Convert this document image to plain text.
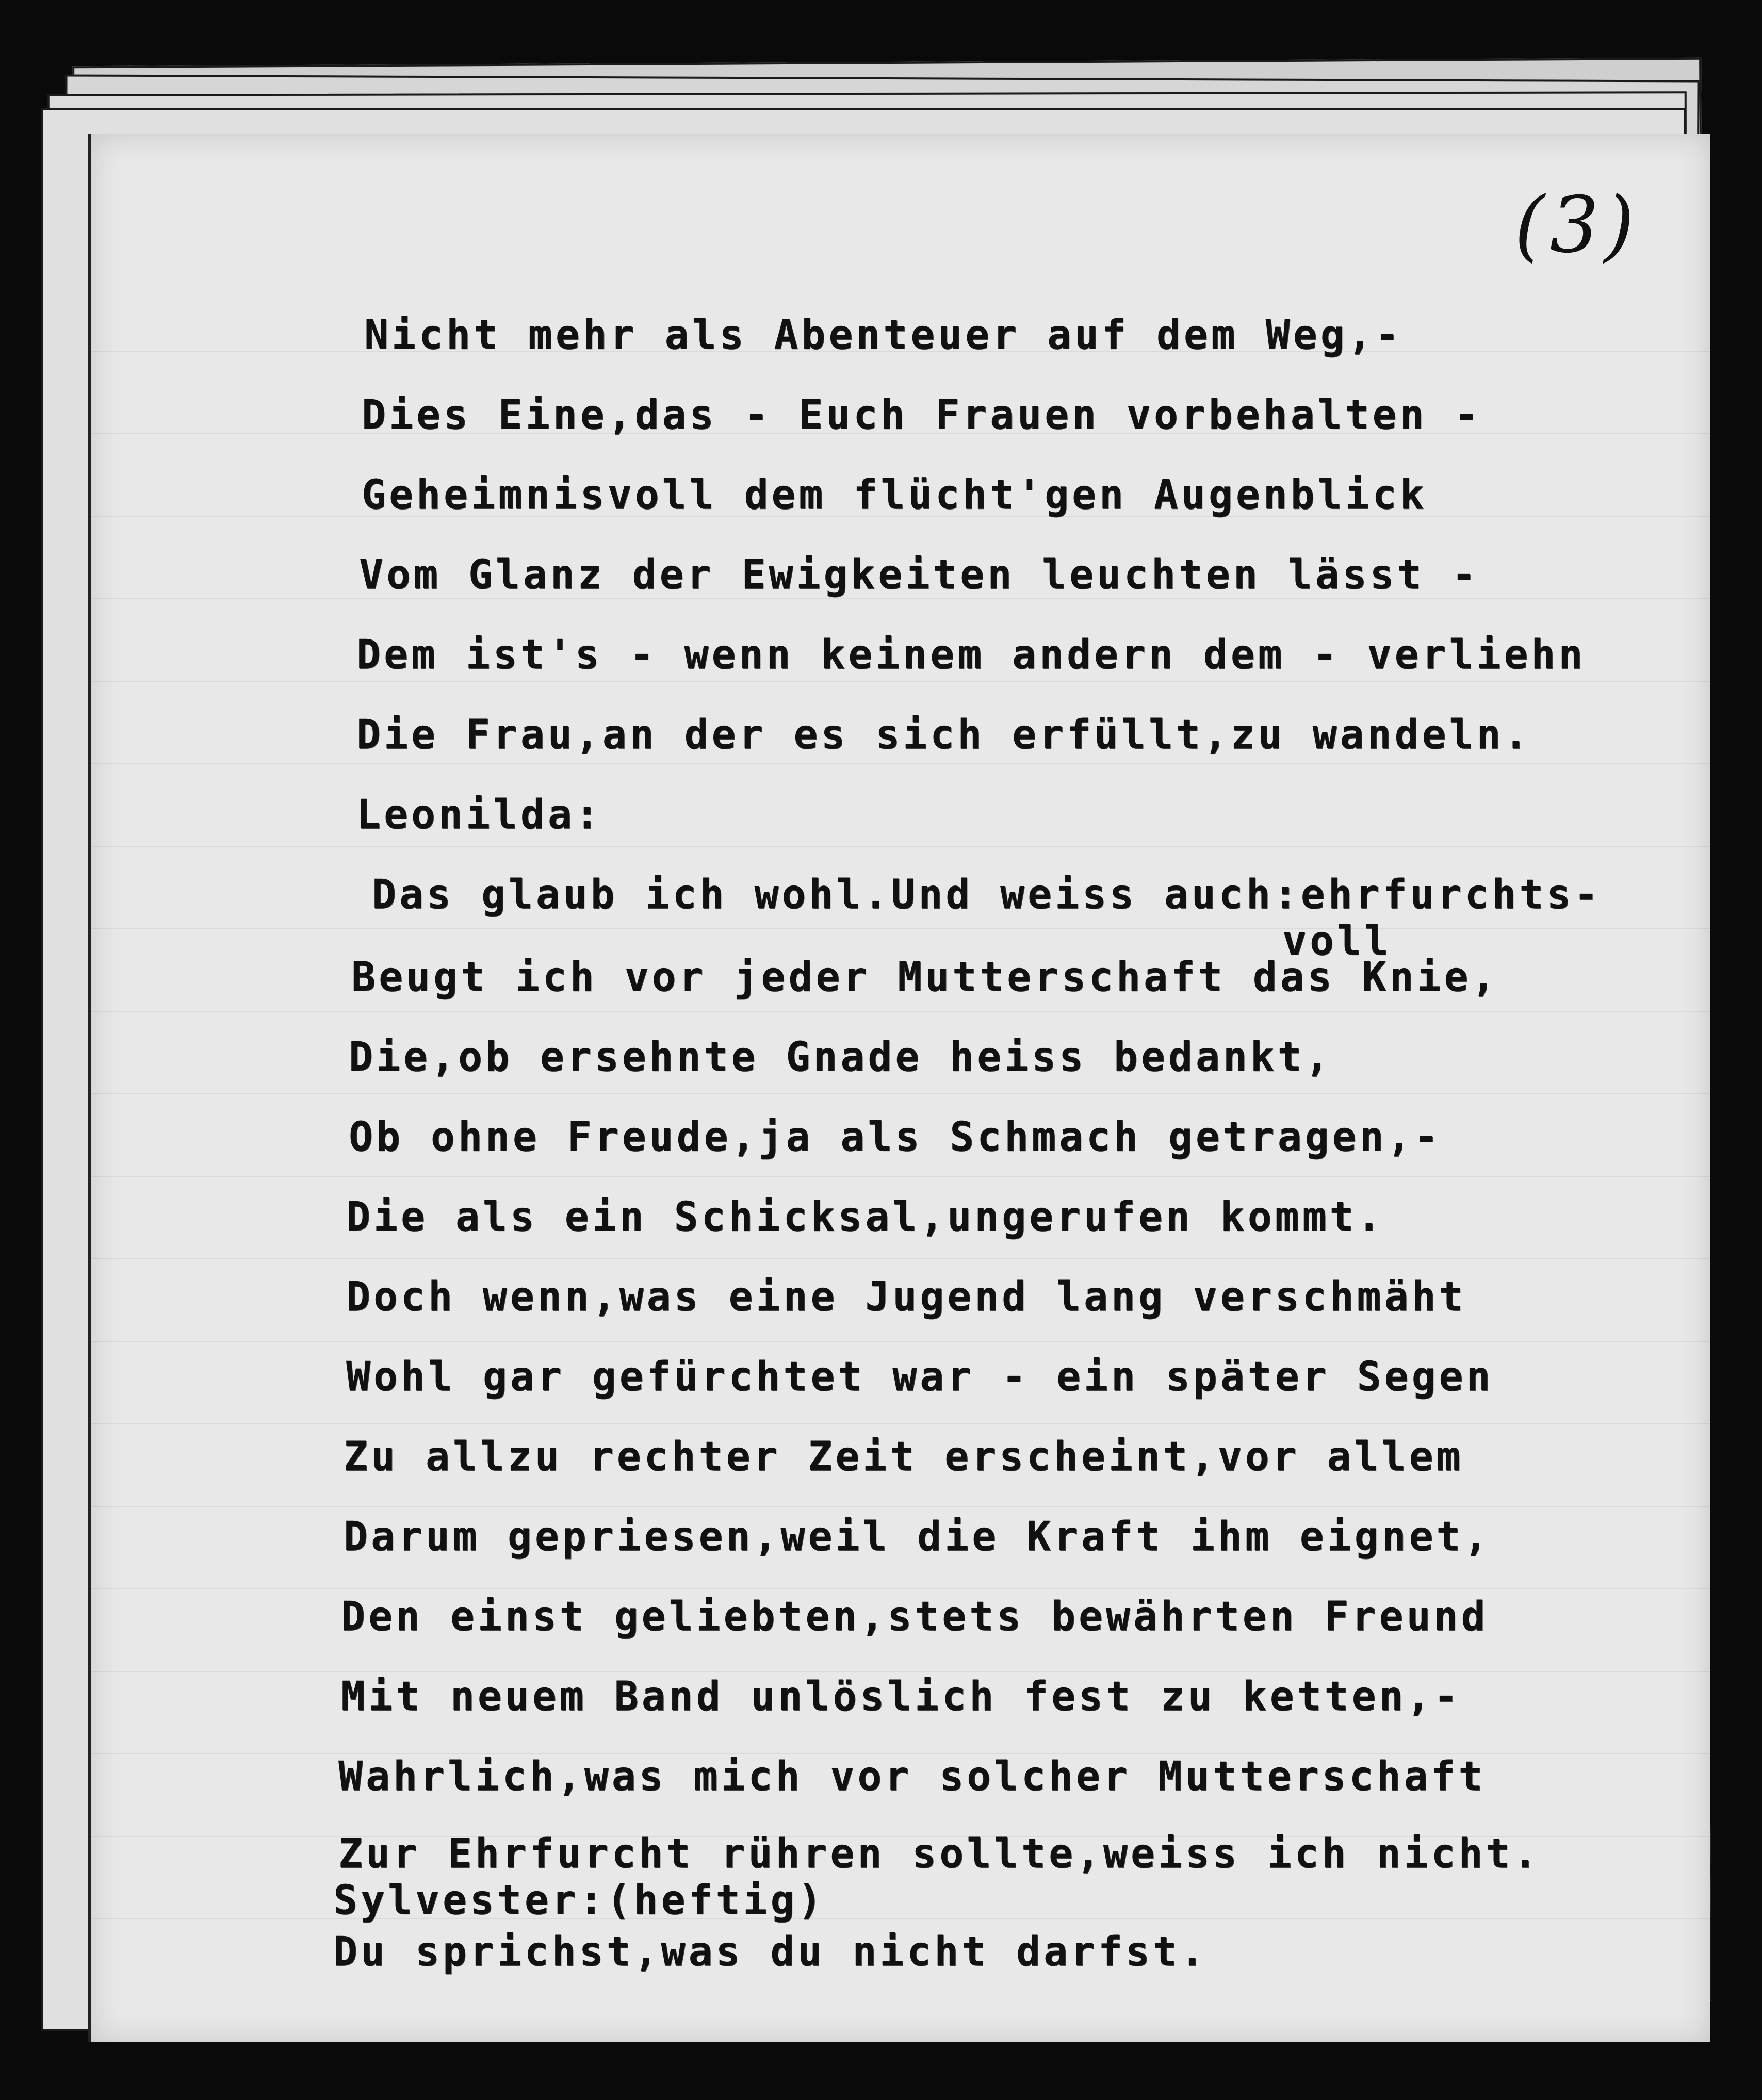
(3)
Nicht mehr als Abenteuer auf dem Weg,-
Dies Eine,das - Euch Frauen vorbehalten -
Geheimnisvoll dem flücht'gen Augenblick
Vom Glanz der Ewigkeiten leuchten lässt -
Dem ist's - wenn keinem andern dem - verliehn
Die Frau,an der es sich erfüllt,zu wandeln.
Leonilda:
Das glaub ich wohl.Und weiss auch:ehrfurchts-
voll
Beugt ich vor jeder Mutterschaft das Knie,
Die,ob ersehnte Gnade heiss bedankt,
Ob ohne Freude,ja als Schmach getragen,-
Die als ein Schicksal,ungerufen kommt.
Doch wenn,was eine Jugend lang verschmäht
Wohl gar gefürchtet war - ein später Segen
Zu allzu rechter Zeit erscheint,vor allem
Darum gepriesen,weil die Kraft ihm eignet,
Den einst geliebten,stets bewährten Freund
Mit neuem Band unlöslich fest zu ketten,-
Wahrlich,was mich vor solcher Mutterschaft
Zur Ehrfurcht rühren sollte,weiss ich nicht.
Sylvester:(heftig)
Du sprichst,was du nicht darfst.
